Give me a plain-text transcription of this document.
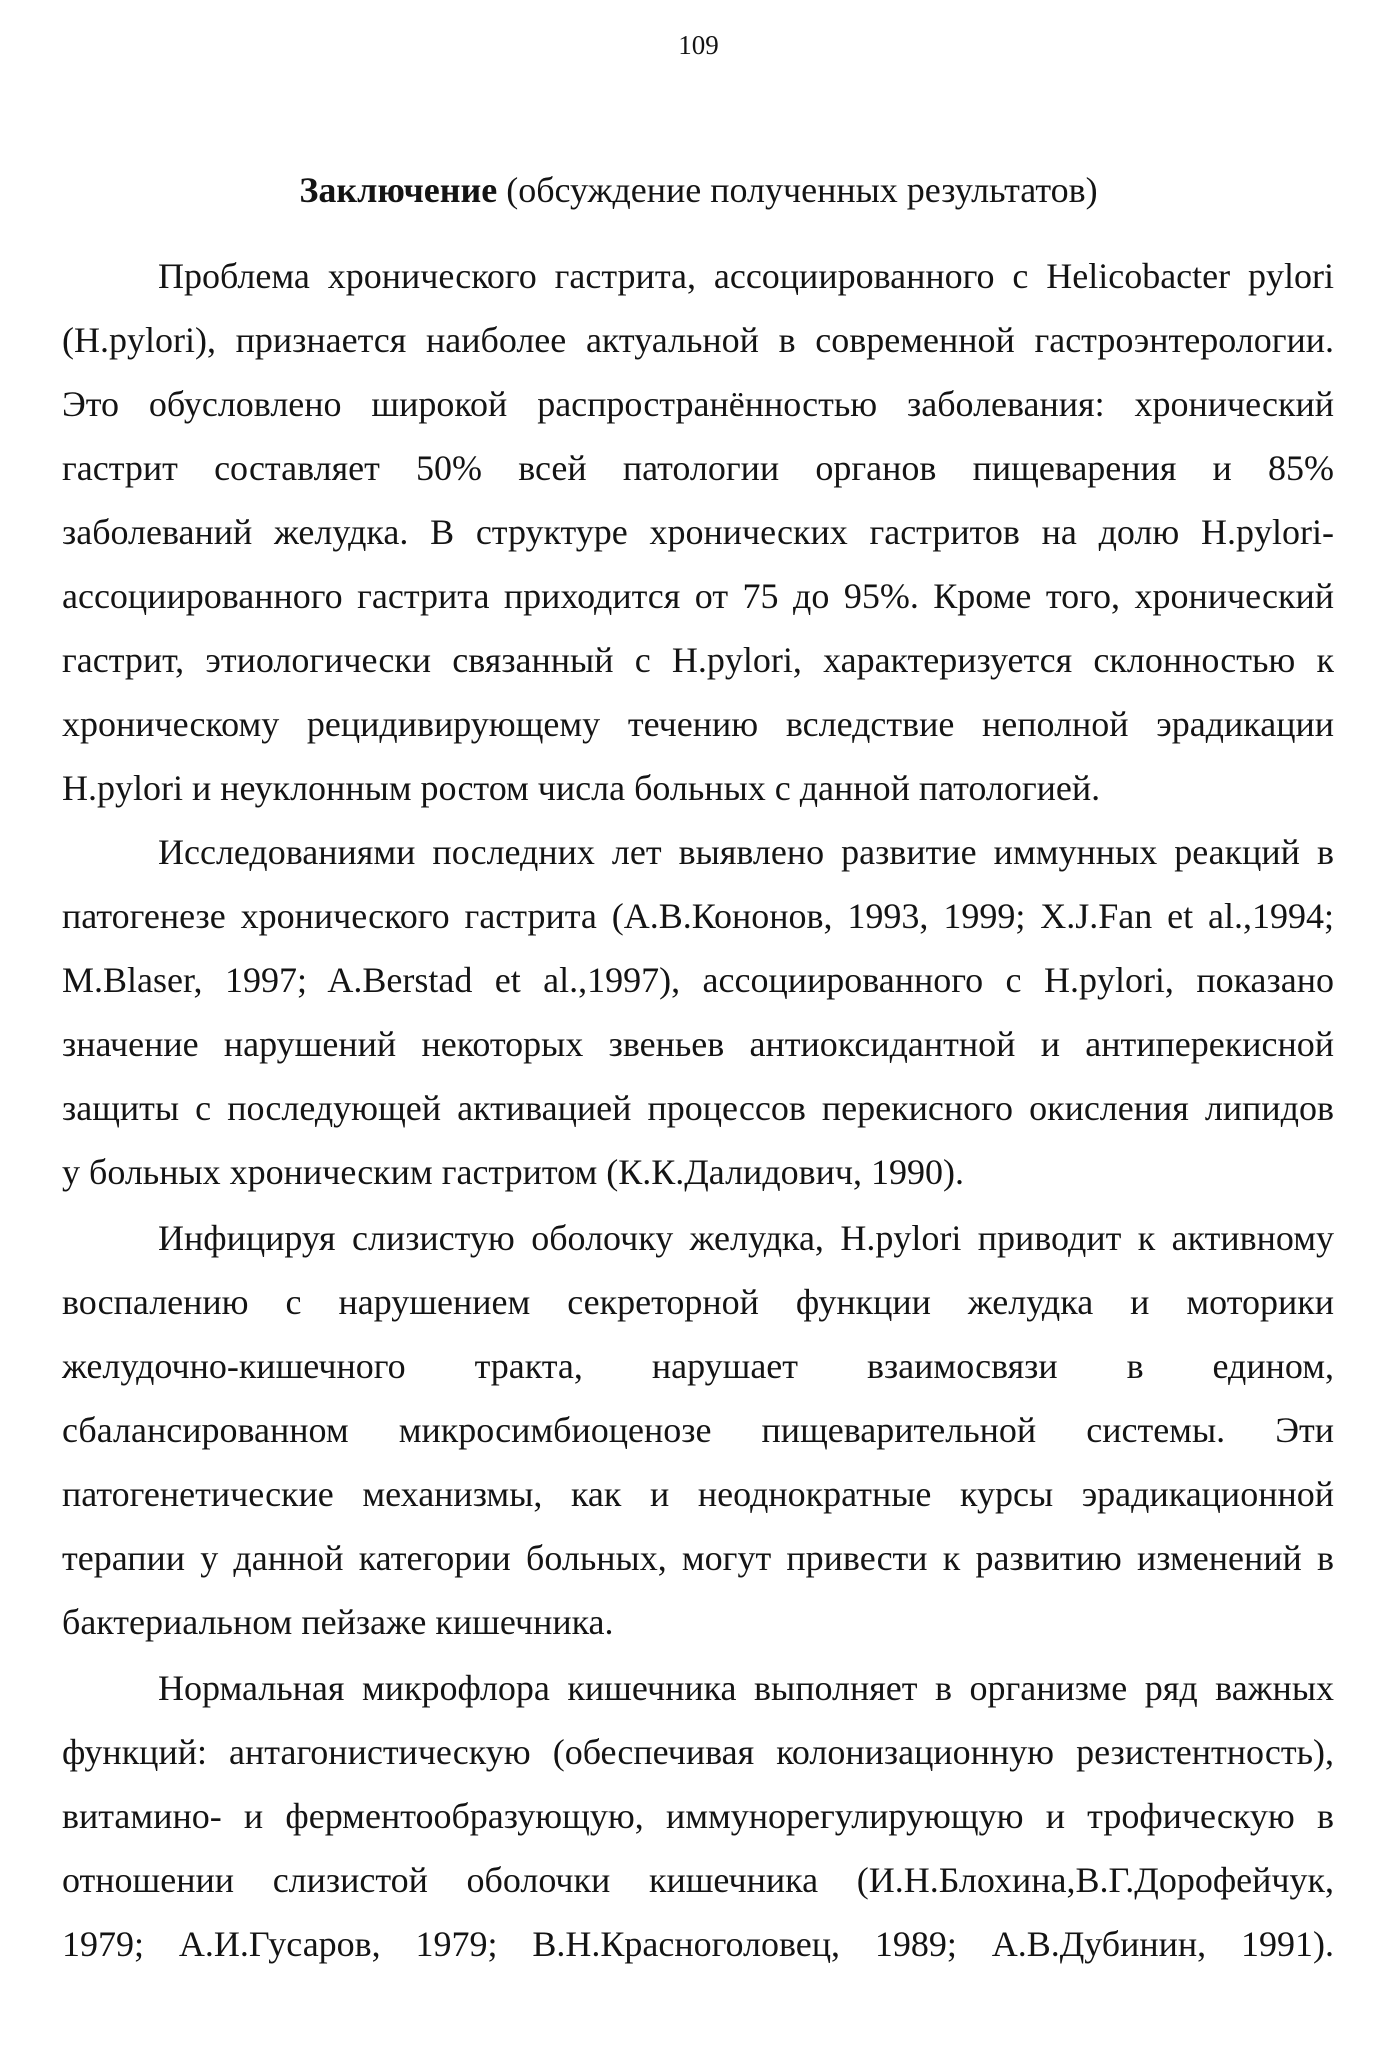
109
Заключение (обсуждение полученных результатов)
Проблема хронического гастрита, ассоциированного с Helicobacter pylori
(H.pylori), признается наиболее актуальной в современной гастроэнтерологии.
Это обусловлено широкой распространённостью заболевания: хронический
гастрит составляет 50% всей патологии органов пищеварения и 85%
заболеваний желудка. В структуре хронических гастритов на долю H.pylori-
ассоциированного гастрита приходится от 75 до 95%. Кроме того, хронический
гастрит, этиологически связанный с H.pylori, характеризуется склонностью к
хроническому рецидивирующему течению вследствие неполной эрадикации
H.pylori и неуклонным ростом числа больных с данной патологией.
Исследованиями последних лет выявлено развитие иммунных реакций в
патогенезе хронического гастрита (А.В.Кононов, 1993, 1999; X.J.Fan et al.,1994;
M.Blaser, 1997; A.Berstad et al.,1997), ассоциированного с H.pylori, показано
значение нарушений некоторых звеньев антиоксидантной и антиперекисной
защиты с последующей активацией процессов перекисного окисления липидов
у больных хроническим гастритом (К.К.Далидович, 1990).
Инфицируя слизистую оболочку желудка, H.pylori приводит к активному
воспалению с нарушением секреторной функции желудка и моторики
желудочно-кишечного тракта, нарушает взаимосвязи в едином,
сбалансированном микросимбиоценозе пищеварительной системы. Эти
патогенетические механизмы, как и неоднократные курсы эрадикационной
терапии у данной категории больных, могут привести к развитию изменений в
бактериальном пейзаже кишечника.
Нормальная микрофлора кишечника выполняет в организме ряд важных
функций: антагонистическую (обеспечивая колонизационную резистентность),
витамино- и ферментообразующую, иммунорегулирующую и трофическую в
отношении слизистой оболочки кишечника (И.Н.Блохина,В.Г.Дорофейчук,
1979; А.И.Гусаров, 1979; В.Н.Красноголовец, 1989; А.В.Дубинин, 1991).
